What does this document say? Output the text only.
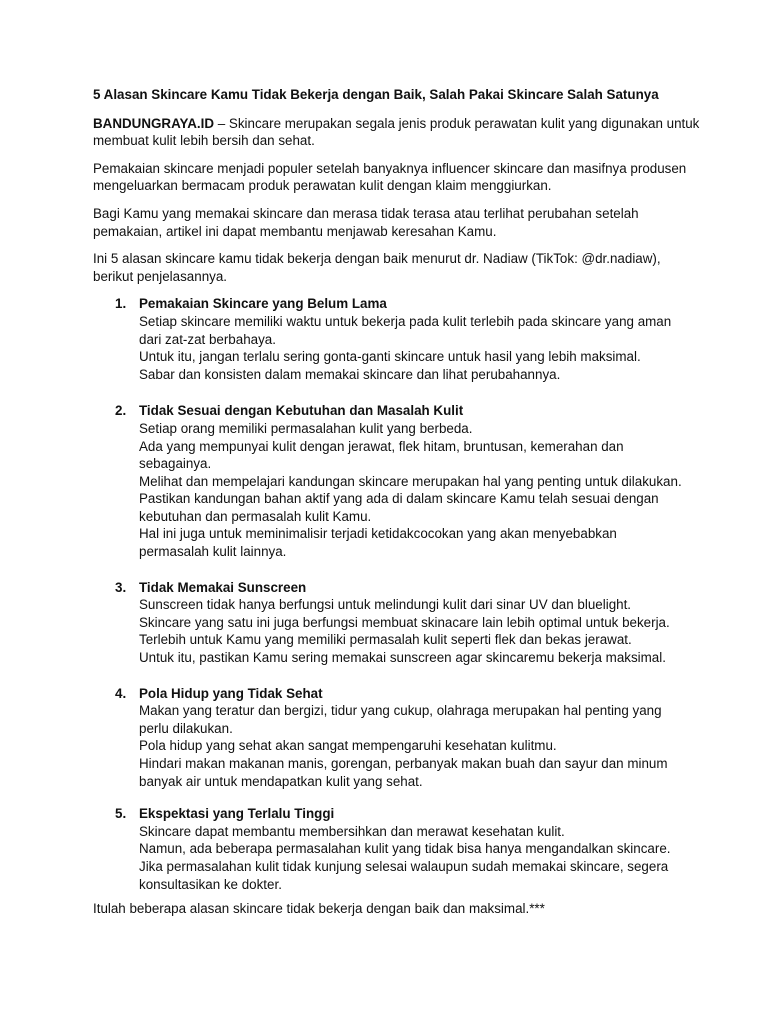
5 Alasan Skincare Kamu Tidak Bekerja dengan Baik, Salah Pakai Skincare Salah Satunya

BANDUNGRAYA.ID – Skincare merupakan segala jenis produk perawatan kulit yang digunakan untuk

membuat kulit lebih bersih dan sehat.

Pemakaian skincare menjadi populer setelah banyaknya influencer skincare dan masifnya produsen

mengeluarkan bermacam produk perawatan kulit dengan klaim menggiurkan.

Bagi Kamu yang memakai skincare dan merasa tidak terasa atau terlihat perubahan setelah

pemakaian, artikel ini dapat membantu menjawab keresahan Kamu.

Ini 5 alasan skincare kamu tidak bekerja dengan baik menurut dr. Nadiaw (TikTok: @dr.nadiaw),

berikut penjelasannya.

1. Pemakaian Skincare yang Belum Lama

Setiap skincare memiliki waktu untuk bekerja pada kulit terlebih pada skincare yang aman

dari zat-zat berbahaya.

Untuk itu, jangan terlalu sering gonta-ganti skincare untuk hasil yang lebih maksimal.

Sabar dan konsisten dalam memakai skincare dan lihat perubahannya.

2. Tidak Sesuai dengan Kebutuhan dan Masalah Kulit

Setiap orang memiliki permasalahan kulit yang berbeda.

Ada yang mempunyai kulit dengan jerawat, flek hitam, bruntusan, kemerahan dan

sebagainya.

Melihat dan mempelajari kandungan skincare merupakan hal yang penting untuk dilakukan.

Pastikan kandungan bahan aktif yang ada di dalam skincare Kamu telah sesuai dengan

kebutuhan dan permasalah kulit Kamu.

Hal ini juga untuk meminimalisir terjadi ketidakcocokan yang akan menyebabkan

permasalah kulit lainnya.

3. Tidak Memakai Sunscreen

Sunscreen tidak hanya berfungsi untuk melindungi kulit dari sinar UV dan bluelight.

Skincare yang satu ini juga berfungsi membuat skinacare lain lebih optimal untuk bekerja.

Terlebih untuk Kamu yang memiliki permasalah kulit seperti flek dan bekas jerawat.

Untuk itu, pastikan Kamu sering memakai sunscreen agar skincaremu bekerja maksimal.

4. Pola Hidup yang Tidak Sehat

Makan yang teratur dan bergizi, tidur yang cukup, olahraga merupakan hal penting yang

perlu dilakukan.

Pola hidup yang sehat akan sangat mempengaruhi kesehatan kulitmu.

Hindari makan makanan manis, gorengan, perbanyak makan buah dan sayur dan minum

banyak air untuk mendapatkan kulit yang sehat.

5. Ekspektasi yang Terlalu Tinggi

Skincare dapat membantu membersihkan dan merawat kesehatan kulit.

Namun, ada beberapa permasalahan kulit yang tidak bisa hanya mengandalkan skincare.

Jika permasalahan kulit tidak kunjung selesai walaupun sudah memakai skincare, segera

konsultasikan ke dokter.

Itulah beberapa alasan skincare tidak bekerja dengan baik dan maksimal.***
